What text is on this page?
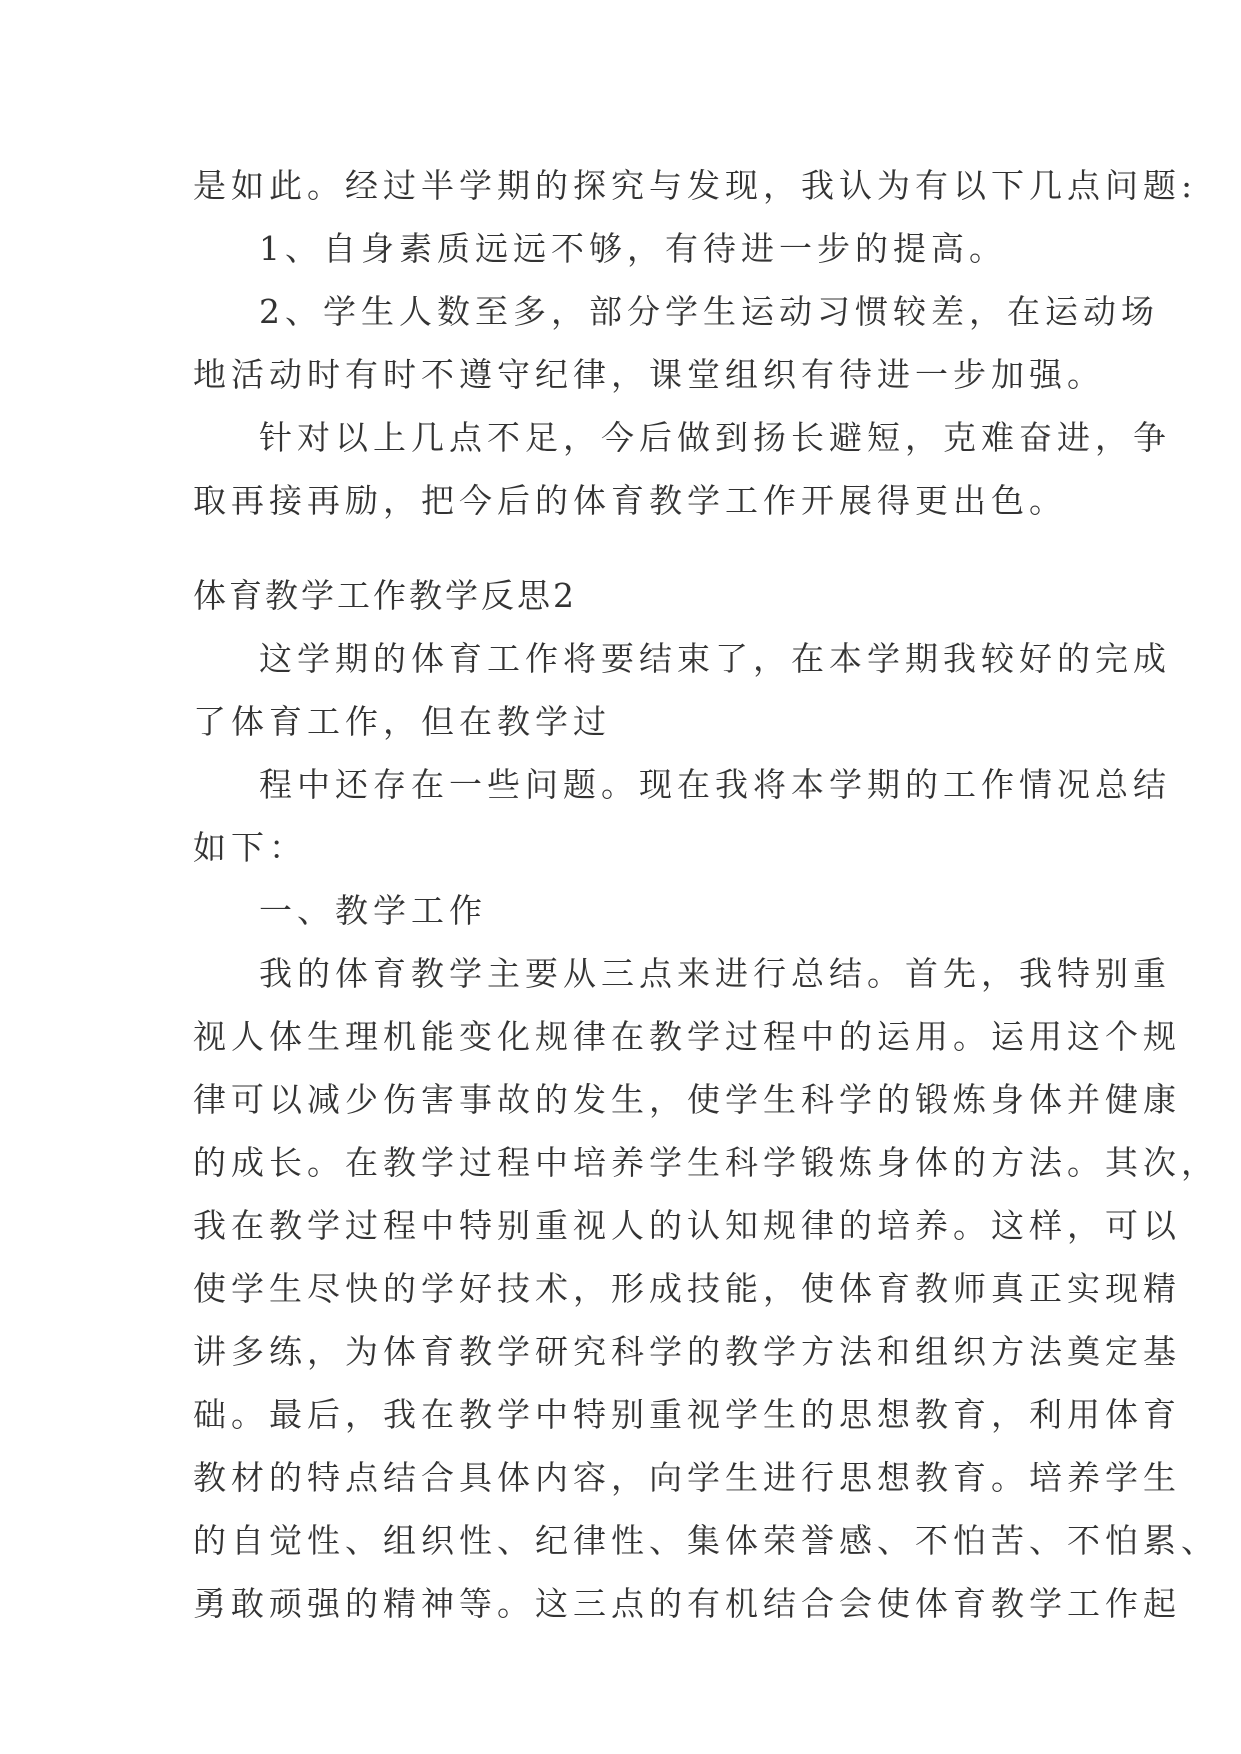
是如此。经过半学期的探究与发现，我认为有以下几点问题:
1、自身素质远远不够，有待进一步的提高。
2、学生人数至多，部分学生运动习惯较差，在运动场
地活动时有时不遵守纪律，课堂组织有待进一步加强。
针对以上几点不足，今后做到扬长避短，克难奋进，争
取再接再励，把今后的体育教学工作开展得更出色。
体育教学工作教学反思2
这学期的体育工作将要结束了，在本学期我较好的完成
了体育工作，但在教学过
程中还存在一些问题。现在我将本学期的工作情况总结
如下：
一、教学工作
我的体育教学主要从三点来进行总结。首先，我特别重
视人体生理机能变化规律在教学过程中的运用。运用这个规
律可以减少伤害事故的发生，使学生科学的锻炼身体并健康
的成长。在教学过程中培养学生科学锻炼身体的方法。其次，
我在教学过程中特别重视人的认知规律的培养。这样，可以
使学生尽快的学好技术，形成技能，使体育教师真正实现精
讲多练，为体育教学研究科学的教学方法和组织方法奠定基
础。最后，我在教学中特别重视学生的思想教育，利用体育
教材的特点结合具体内容，向学生进行思想教育。培养学生
的自觉性、组织性、纪律性、集体荣誉感、不怕苦、不怕累、
勇敢顽强的精神等。这三点的有机结合会使体育教学工作起
